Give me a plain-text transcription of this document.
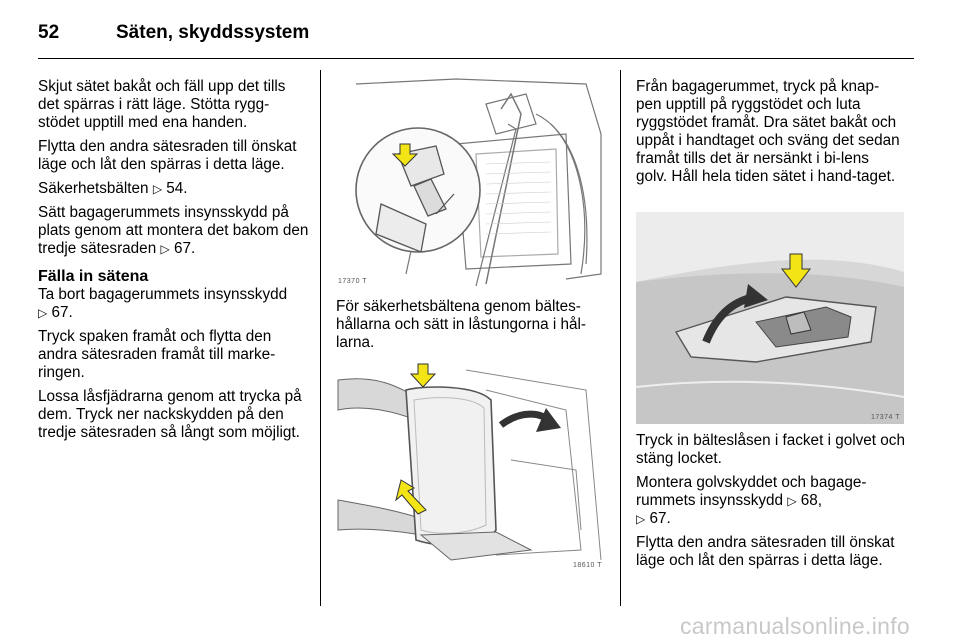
52	Säten, skyddssystem

Skjut sätet bakåt och fäll upp det tills det spärras i rätt läge. Stötta rygg-stödet upptill med ena handen.

Flytta den andra sätesraden till önskat läge och låt den spärras i detta läge.

Säkerhetsbälten ▷ 54.

Sätt bagagerummets insynsskydd på plats genom att montera det bakom den tredje sätesraden ▷ 67.

Fälla in sätena

Ta bort bagagerummets insynsskydd
▷ 67.

Tryck spaken framåt och flytta den andra sätesraden framåt till marke-ringen.

Lossa låsfjädrarna genom att trycka på dem. Tryck ner nackskydden på den tredje sätesraden så långt som möjligt.

17370 T

För säkerhetsbältena genom bältes-hållarna och sätt in låstungorna i hål-larna.

18610 T

Från bagagerummet, tryck på knap-pen upptill på ryggstödet och luta ryggstödet framåt. Dra sätet bakåt och uppåt i handtaget och sväng det sedan framåt tills det är nersänkt i bi-lens golv. Håll hela tiden sätet i hand-taget.

17374 T

Tryck in bälteslåsen i facket i golvet och stäng locket.

Montera golvskyddet och bagage-rummets insynsskydd ▷ 68,
▷ 67.

Flytta den andra sätesraden till önskat läge och låt den spärras i detta läge.

carmanualsonline.info
